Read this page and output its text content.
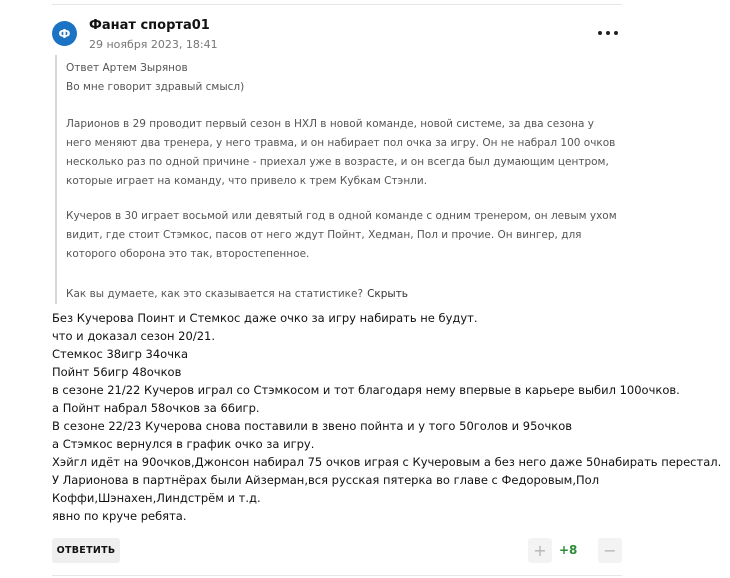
Ф
Фанат спорта01
29 ноября 2023, 18:41
Ответ Артем Зырянов
Во мне говорит здравый смысл)
Ларионов в 29 проводит первый сезон в НХЛ в новой команде, новой системе, за два сезона у него меняют два тренера, у него травма, и он набирает пол очка за игру. Он не набрал 100 очков несколько раз по одной причине - приехал уже в возрасте, и он всегда был думающим центром, которые играет на команду, что привело к трем Кубкам Стэнли.
Кучеров в 30 играет восьмой или девятый год в одной команде с одним тренером, он левым ухом видит, где стоит Стэмкос, пасов от него ждут Пойнт, Хедман, Пол и прочие. Он вингер, для которого оборона это так, второстепенное.
Как вы думаете, как это сказывается на статистике? Скрыть
Без Кучерова Поинт и Стемкос даже очко за игру набирать не будут.
что и доказал сезон 20/21.
Стемкос 38игр 34очка
Пойнт 56игр 48очков
в сезоне 21/22 Кучеров играл со Стэмкосом и тот благодаря нему впервые в карьере выбил 100очков.
а Пойнт набрал 58очков за 66игр.
В сезоне 22/23 Кучерова снова поставили в звено пойнта и у того 50голов и 95очков
а Стэмкос вернулся в график очко за игру.
Хэйгл идёт на 90очков,Джонсон набирал 75 очков играя с Кучеровым а без него даже 50набирать перестал.
У Ларионова в партнёрах были Айзерман,вся русская пятерка во главе с Федоровым,Пол
Коффи,Шэнахен,Линдстрём и т.д.
явно по круче ребята.
ОТВЕТИТЬ	+ +8 −
